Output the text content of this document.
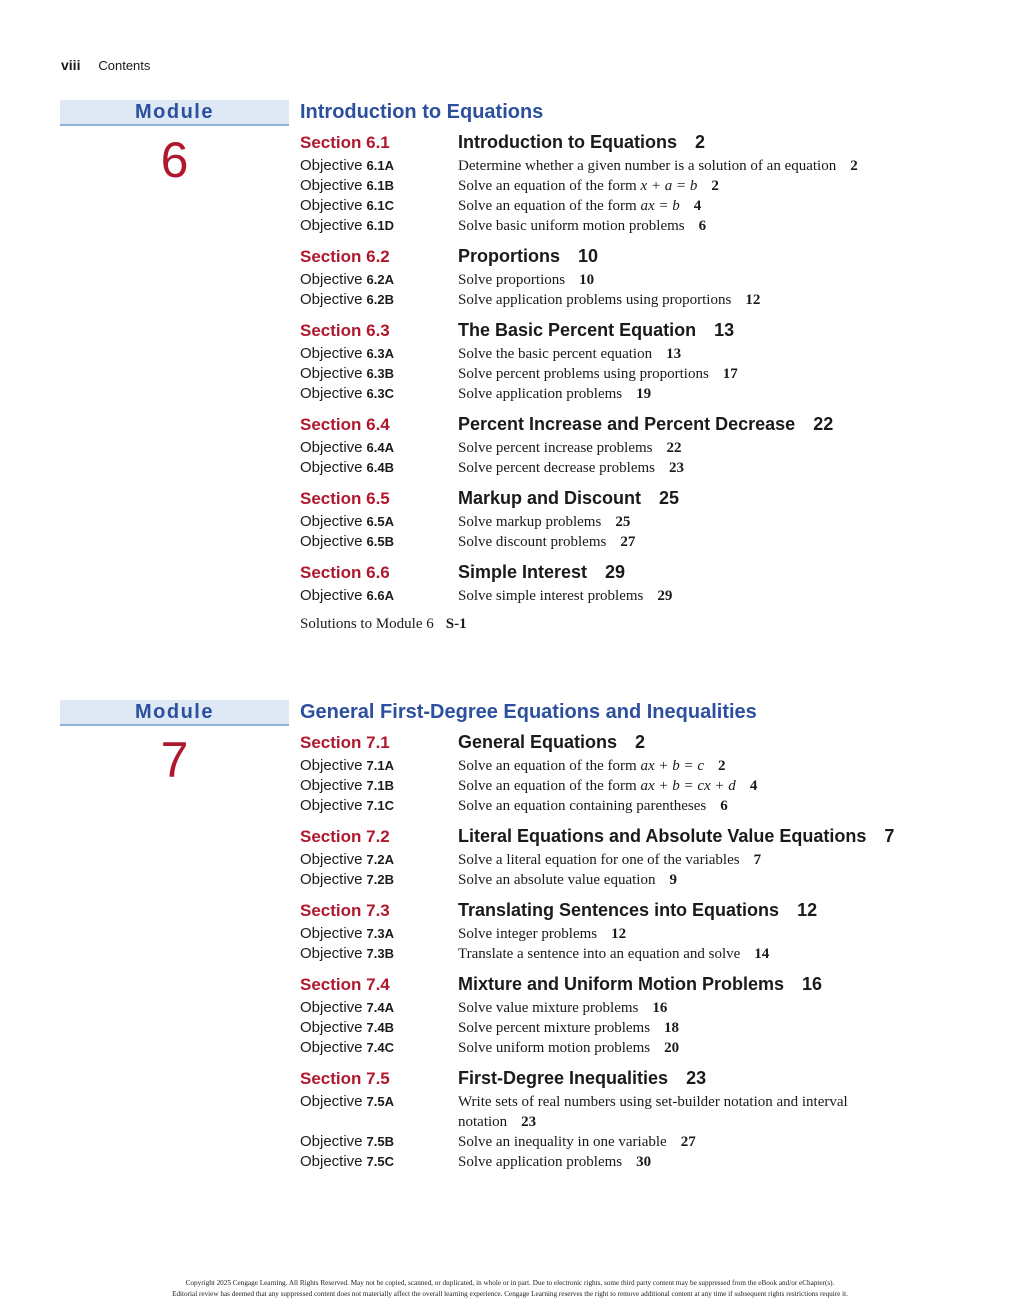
viii Contents
Module
6
Introduction to Equations
Section 6.1	Introduction to Equations 2
Objective 6.1A	Determine whether a given number is a solution of an equation 2
Objective 6.1B	Solve an equation of the form x + a = b 2
Objective 6.1C	Solve an equation of the form ax = b 4
Objective 6.1D	Solve basic uniform motion problems 6
Section 6.2	Proportions 10
Objective 6.2A	Solve proportions 10
Objective 6.2B	Solve application problems using proportions 12
Section 6.3	The Basic Percent Equation 13
Objective 6.3A	Solve the basic percent equation 13
Objective 6.3B	Solve percent problems using proportions 17
Objective 6.3C	Solve application problems 19
Section 6.4	Percent Increase and Percent Decrease 22
Objective 6.4A	Solve percent increase problems 22
Objective 6.4B	Solve percent decrease problems 23
Section 6.5	Markup and Discount 25
Objective 6.5A	Solve markup problems 25
Objective 6.5B	Solve discount problems 27
Section 6.6	Simple Interest 29
Objective 6.6A	Solve simple interest problems 29
Solutions to Module 6 S-1
Module
7
General First-Degree Equations and Inequalities
Section 7.1	General Equations 2
Objective 7.1A	Solve an equation of the form ax + b = c 2
Objective 7.1B	Solve an equation of the form ax + b = cx + d 4
Objective 7.1C	Solve an equation containing parentheses 6
Section 7.2	Literal Equations and Absolute Value Equations 7
Objective 7.2A	Solve a literal equation for one of the variables 7
Objective 7.2B	Solve an absolute value equation 9
Section 7.3	Translating Sentences into Equations 12
Objective 7.3A	Solve integer problems 12
Objective 7.3B	Translate a sentence into an equation and solve 14
Section 7.4	Mixture and Uniform Motion Problems 16
Objective 7.4A	Solve value mixture problems 16
Objective 7.4B	Solve percent mixture problems 18
Objective 7.4C	Solve uniform motion problems 20
Section 7.5	First-Degree Inequalities 23
Objective 7.5A	Write sets of real numbers using set-builder notation and interval notation 23
Objective 7.5B	Solve an inequality in one variable 27
Objective 7.5C	Solve application problems 30
Copyright 2025 Cengage Learning. All Rights Reserved. May not be copied, scanned, or duplicated, in whole or in part. Due to electronic rights, some third party content may be suppressed from the eBook and/or eChapter(s).
Editorial review has deemed that any suppressed content does not materially affect the overall learning experience. Cengage Learning reserves the right to remove additional content at any time if subsequent rights restrictions require it.
